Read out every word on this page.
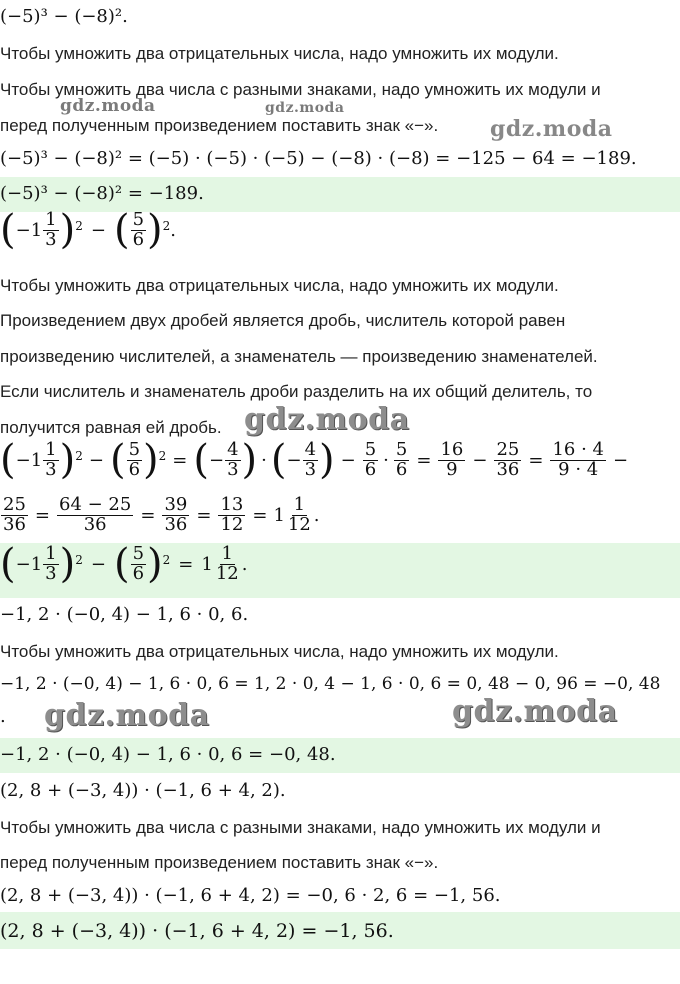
(−5)³ − (−8)².
Чтобы умножить два отрицательных числа, надо умножить их модули.
Чтобы умножить два числа с разными знаками, надо умножить их модули и
перед полученным произведением поставить знак «−».
(−5)³ − (−8)² = (−5) · (−5) · (−5) − (−8) · (−8) = −125 − 64 = −189.
(−5)³ − (−8)² = −189.
( − $1 \frac{1}{3} )^2$ − ( $\frac{5}{6} )^2$ .
Чтобы умножить два отрицательных числа, надо умножить их модули.
Произведением двух дробей является дробь, числитель которой равен
произведению числителей, а знаменатель — произведению знаменателей.
Если числитель и знаменатель дроби разделить на их общий делитель, то
получится равная ей дробь.
( − $1 \frac{1}{3} )^2$ − ( $\frac{5}{6} )^2$ = ( − $\frac{4}{3}$ ) · ( − $\frac{4}{3}$ ) − $\frac{5}{6} \cdot \frac{5}{6} = \frac{16}{9} - \frac{25}{36} = \frac{16 \cdot 4}{9 \cdot 4}$ −
$\frac{25}{36} = \frac{64 - 25}{36} = \frac{39}{36} = \frac{13}{12} = 1 \frac{1}{12}$ .
( − $1 \frac{1}{3} )^2$ − ( $\frac{5}{6} )^2 = 1 \frac{1}{12}$ .
−1, 2 · (−0, 4) − 1, 6 · 0, 6.
Чтобы умножить два отрицательных числа, надо умножить их модули.
−1, 2 · (−0, 4) − 1, 6 · 0, 6 = 1, 2 · 0, 4 − 1, 6 · 0, 6 = 0, 48 − 0, 96 = −0, 48
.
−1, 2 · (−0, 4) − 1, 6 · 0, 6 = −0, 48.
(2, 8 + (−3, 4)) · (−1, 6 + 4, 2).
Чтобы умножить два числа с разными знаками, надо умножить их модули и
перед полученным произведением поставить знак «−».
(2, 8 + (−3, 4)) · (−1, 6 + 4, 2) = −0, 6 · 2, 6 = −1, 56.
(2, 8 + (−3, 4)) · (−1, 6 + 4, 2) = −1, 56.
gdz.moda	gdz.moda
gdz.moda
gdz.moda
gdz.moda	gdz.moda
